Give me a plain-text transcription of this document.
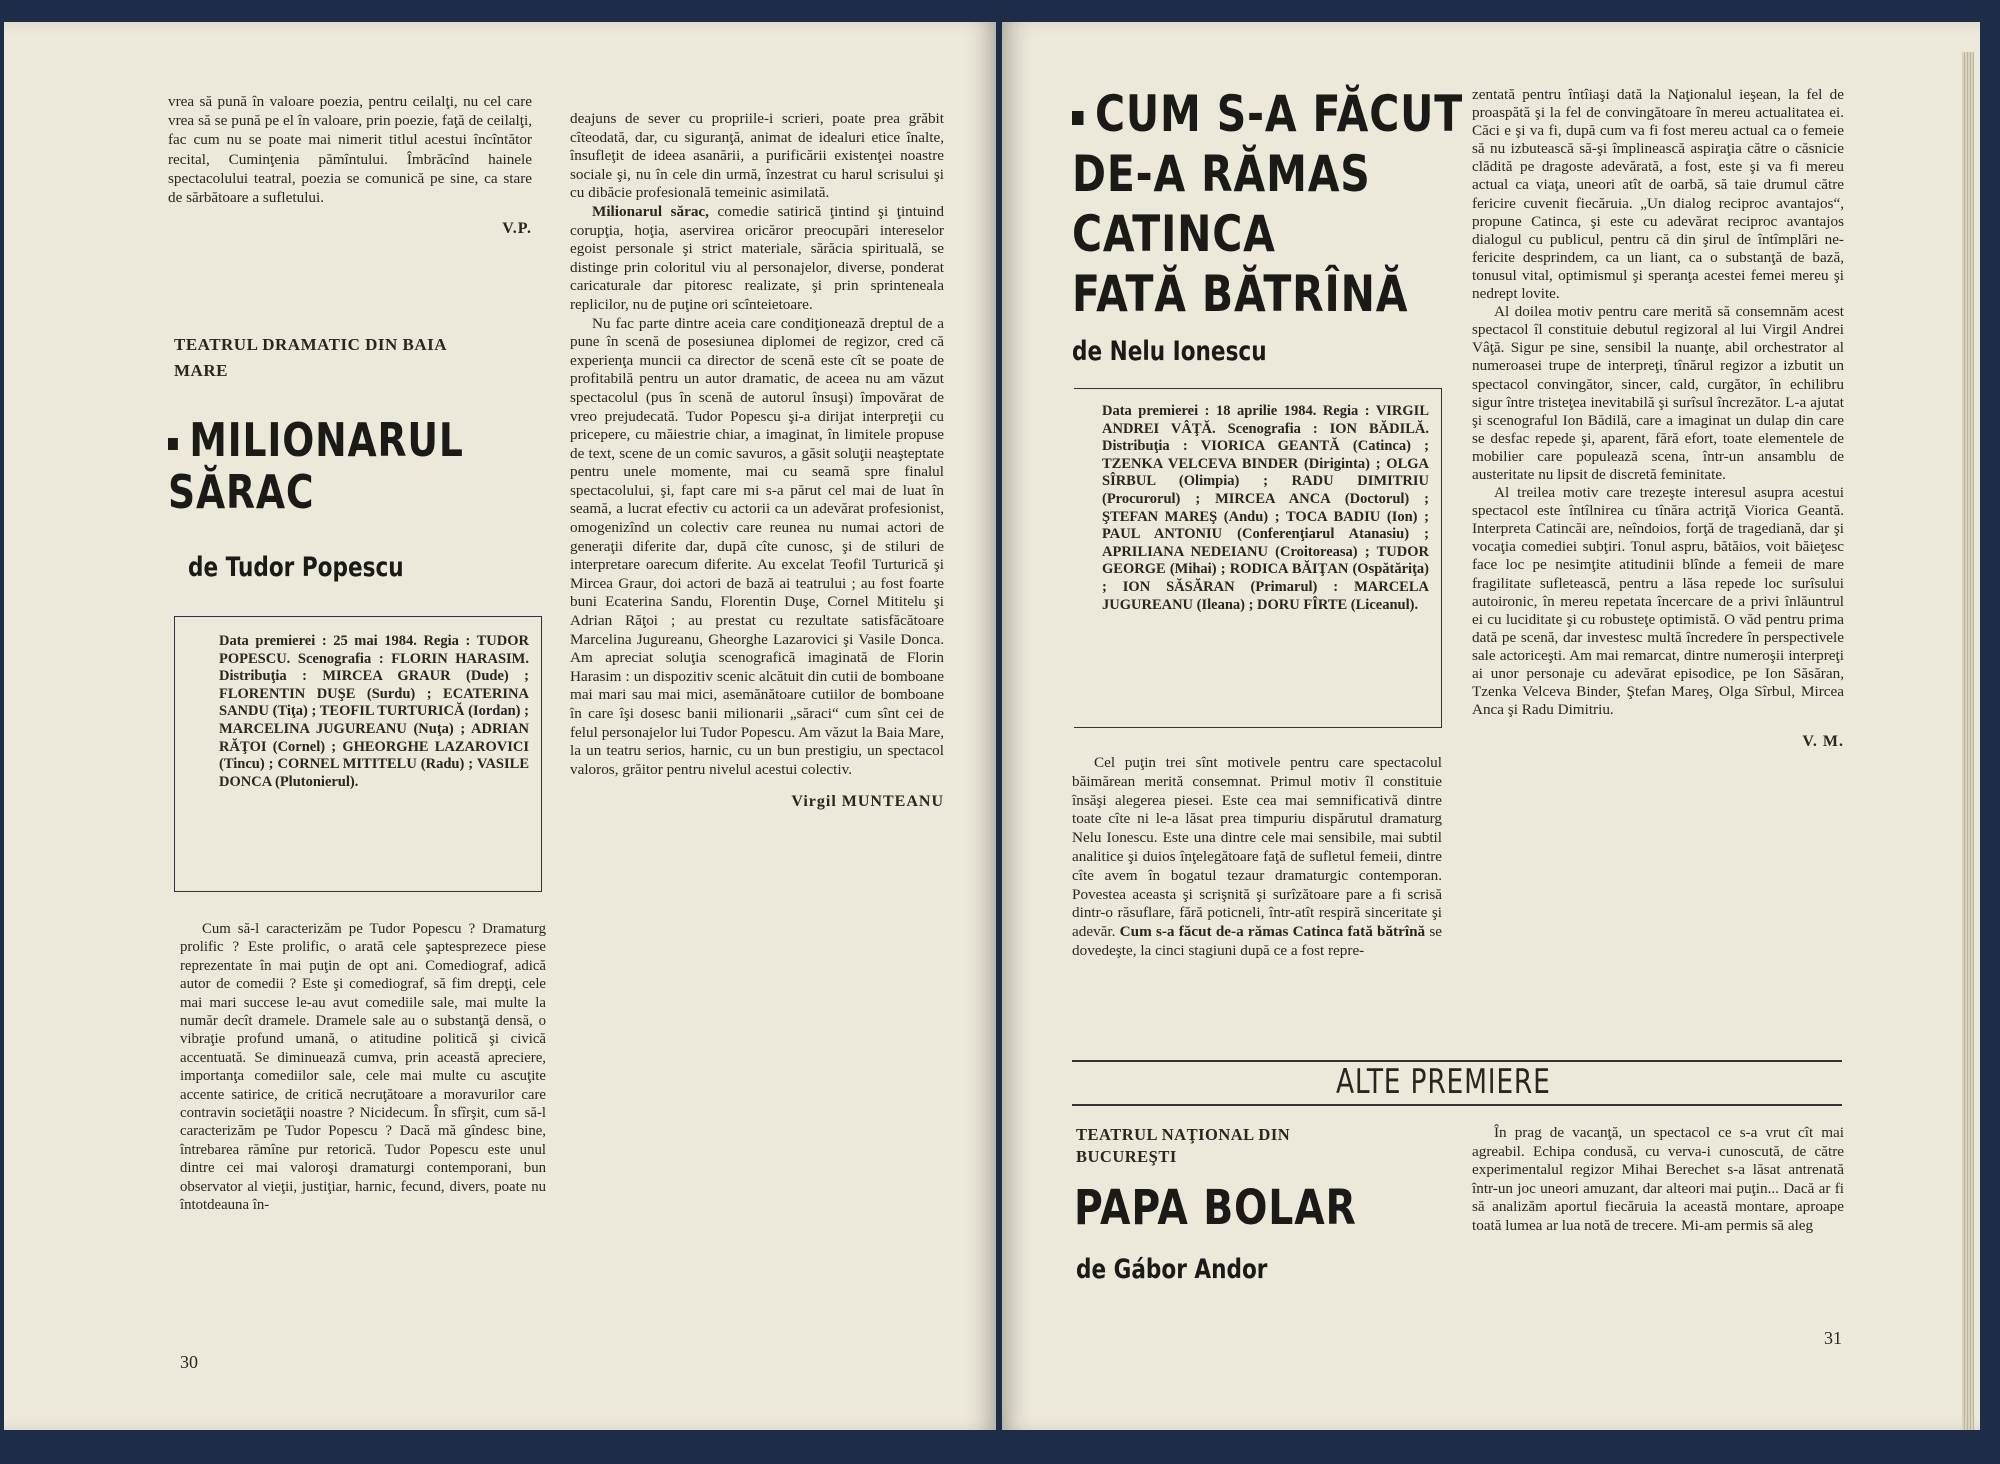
vrea să pună în valoare poezia, pentru ceilalţi, nu cel care vrea să se pună pe el în valoare, prin poezie, faţă de ceilalţi, fac cum nu se poate mai nimerit titlul acestui încîntător recital, Cuminţenia pămîntului. Îmbrăcînd hainele spectacolului teatral, poezia se comunică pe sine, ca stare de sărbătoare a sufletului.

V.P.
TEATRUL DRAMATIC DIN BAIA MARE
MILIONARUL
SĂRAC
de Tudor Popescu
Data premierei : 25 mai 1984. Regia : TUDOR POPESCU. Scenografia : FLORIN HARASIM. Distribuţia : MIRCEA GRAUR (Dude) ; FLORENTIN DUŞE (Surdu) ; ECATERINA SANDU (Tiţa) ; TEOFIL TURTURICĂ (Iordan) ; MARCELINA JUGUREANU (Nuţa) ; ADRIAN RĂŢOI (Cornel) ; GHEORGHE LAZAROVICI (Tincu) ; CORNEL MITITELU (Radu) ; VASILE DONCA (Plutonierul).

Cum să-l caracterizăm pe Tudor Popescu ? Dramaturg prolific ? Este prolific, o arată cele şaptesprezece piese reprezentate în mai puţin de opt ani. Comediograf, adică autor de comedii ? Este şi comediograf, să fim drepţi, cele mai mari succese le-au avut comediile sale, mai multe la număr decît dramele. Dramele sale au o substanţă densă, o vibraţie profund umană, o atitudine politică şi civică accentuată. Se diminuează cumva, prin această apreciere, importanţa comediilor sale, cele mai multe cu ascuţite accente satirice, de critică necruţătoare a moravurilor care contravin societăţii noastre ? Nicidecum. În sfîrşit, cum să-l caracterizăm pe Tudor Popescu ? Dacă mă gîndesc bine, întrebarea rămîne pur retorică. Tudor Popescu este unul dintre cei mai valoroşi dramaturgi contemporani, bun observator al vieţii, justiţiar, harnic, fecund, divers, poate nu întotdeauna în-

deajuns de sever cu propriile-i scrieri, poate prea grăbit cîteodată, dar, cu siguranţă, animat de idealuri etice înalte, însufleţit de ideea asanării, a purificării existenţei noastre sociale şi, nu în cele din urmă, înzestrat cu harul scrisului şi cu dibăcie profesională temeinic asimilată.

Milionarul sărac, comedie satirică ţintind şi ţintuind corupţia, hoţia, aservirea oricăror preocupări intereselor egoist personale şi strict materiale, sărăcia spirituală, se distinge prin coloritul viu al personajelor, diverse, ponderat caricaturale dar pitoresc realizate, şi prin sprinteneala replicilor, nu de puţine ori scînteietoare.

Nu fac parte dintre aceia care condiţionează dreptul de a pune în scenă de posesiunea diplomei de regizor, cred că experienţa muncii ca director de scenă este cît se poate de profitabilă pentru un autor dramatic, de aceea nu am văzut spectacolul (pus în scenă de autorul însuşi) împovărat de vreo prejudecată. Tudor Popescu şi-a dirijat interpreţii cu pricepere, cu măiestrie chiar, a imaginat, în limitele propuse de text, scene de un comic savuros, a găsit soluţii neaşteptate pentru unele momente, mai cu seamă spre finalul spectacolului, şi, fapt care mi s-a părut cel mai de luat în seamă, a lucrat efectiv cu actorii ca un adevărat profesionist, omogenizînd un colectiv care reunea nu numai actori de generaţii diferite dar, după cîte cunosc, şi de stiluri de interpretare oarecum diferite. Au excelat Teofil Turturică şi Mircea Graur, doi actori de bază ai teatrului ; au fost foarte buni Ecaterina Sandu, Florentin Duşe, Cornel Mititelu şi Adrian Răţoi ; au prestat cu rezultate satisfăcătoare Marcelina Jugureanu, Gheorghe Lazarovici şi Vasile Donca. Am apreciat soluţia scenografică imaginată de Florin Harasim : un dispozitiv scenic alcătuit din cutii de bomboane mai mari sau mai mici, asemănătoare cutiilor de bomboane în care îşi dosesc banii milionarii „săraci“ cum sînt cei de felul personajelor lui Tudor Popescu. Am văzut la Baia Mare, la un teatru serios, harnic, cu un bun prestigiu, un spectacol valoros, grăitor pentru nivelul acestui colectiv.

Virgil MUNTEANU
30
CUM S-A FĂCUT
DE-A RĂMAS
CATINCA
FATĂ BĂTRÎNĂ
de Nelu Ionescu
Data premierei : 18 aprilie 1984. Regia : VIRGIL ANDREI VÂŢĂ. Scenografia : ION BĂDILĂ. Distribuţia : VIORICA GEANTĂ (Catinca) ; TZENKA VELCEVA BINDER (Diriginta) ; OLGA SÎRBUL (Olimpia) ; RADU DIMITRIU (Procurorul) ; MIRCEA ANCA (Doctorul) ; ŞTEFAN MAREŞ (Andu) ; TOCA BADIU (Ion) ; PAUL ANTONIU (Conferenţiarul Atanasiu) ; APRILIANA NEDEIANU (Croitoreasa) ; TUDOR GEORGE (Mihai) ; RODICA BĂIŢAN (Ospătăriţa) ; ION SĂSĂRAN (Primarul) : MARCELA JUGUREANU (Ileana) ; DORU FÎRTE (Liceanul).

Cel puţin trei sînt motivele pentru care spectacolul băimărean merită consemnat. Primul motiv îl constituie însăşi alegerea piesei. Este cea mai semnificativă dintre toate cîte ni le-a lăsat prea timpuriu dispărutul dramaturg Nelu Ionescu. Este una dintre cele mai sensibile, mai subtil analitice şi duios înţelegătoare faţă de sufletul femeii, dintre cîte avem în bogatul tezaur dramaturgic contemporan. Povestea aceasta şi scrişnită şi surîzătoare pare a fi scrisă dintr-o răsuflare, fără poticneli, într-atît respiră sinceritate şi adevăr. Cum s-a făcut de-a rămas Catinca fată bătrînă se dovedeşte, la cinci stagiuni după ce a fost repre-

zentată pentru întîiaşi dată la Naţionalul ieşean, la fel de proaspătă şi la fel de convingătoare în mereu actualitatea ei. Căci e şi va fi, după cum va fi fost mereu actual ca o femeie să nu izbutească să-şi împlinească aspiraţia către o căsnicie clădită pe dragoste adevărată, a fost, este şi va fi mereu actual ca viaţa, uneori atît de oarbă, să taie drumul către fericire cuvenit fiecăruia. „Un dialog reciproc avantajos“, propune Catinca, şi este cu adevărat reciproc avantajos dialogul cu publicul, pentru că din şirul de întîmplări ne-fericite desprindem, ca un liant, ca o substanţă de bază, tonusul vital, optimismul şi speranţa acestei femei mereu şi nedrept lovite.

Al doilea motiv pentru care merită să consemnăm acest spectacol îl constituie debutul regizoral al lui Virgil Andrei Vâţă. Sigur pe sine, sensibil la nuanţe, abil orchestrator al numeroasei trupe de interpreţi, tînărul regizor a izbutit un spectacol convingător, sincer, cald, curgător, în echilibru sigur între tristeţea inevitabilă şi surîsul încrezător. L-a ajutat şi scenograful Ion Bădilă, care a imaginat un dulap din care se desfac repede şi, aparent, fără efort, toate elementele de mobilier care populează scena, într-un ansamblu de austeritate nu lipsit de discretă feminitate.

Al treilea motiv care trezeşte interesul asupra acestui spectacol este întîlnirea cu tînăra actriţă Viorica Geantă. Interpreta Catincăi are, neîndoios, forţă de tragediană, dar şi vocaţia comediei subţiri. Tonul aspru, bătăios, voit băieţesc face loc pe nesimţite atitudinii blînde a femeii de mare fragilitate sufletească, pentru a lăsa repede loc surîsului autoironic, în mereu repetata încercare de a privi înlăuntrul ei cu luciditate şi cu robusteţe optimistă. O văd pentru prima dată pe scenă, dar investesc multă încredere în perspectivele sale actoriceşti. Am mai remarcat, dintre numeroşii interpreţi ai unor personaje cu adevărat episodice, pe Ion Săsăran, Tzenka Velceva Binder, Ştefan Mareş, Olga Sîrbul, Mircea Anca şi Radu Dimitriu.

V. M.
ALTE PREMIERE
TEATRUL NAŢIONAL DIN BUCUREŞTI
PAPA BOLAR
de Gábor Andor

În prag de vacanţă, un spectacol ce s-a vrut cît mai agreabil. Echipa condusă, cu verva-i cunoscută, de către experimentalul regizor Mihai Berechet s-a lăsat antrenată într-un joc uneori amuzant, dar alteori mai puţin... Dacă ar fi să analizăm aportul fiecăruia la această montare, aproape toată lumea ar lua notă de trecere. Mi-am permis să aleg

31
